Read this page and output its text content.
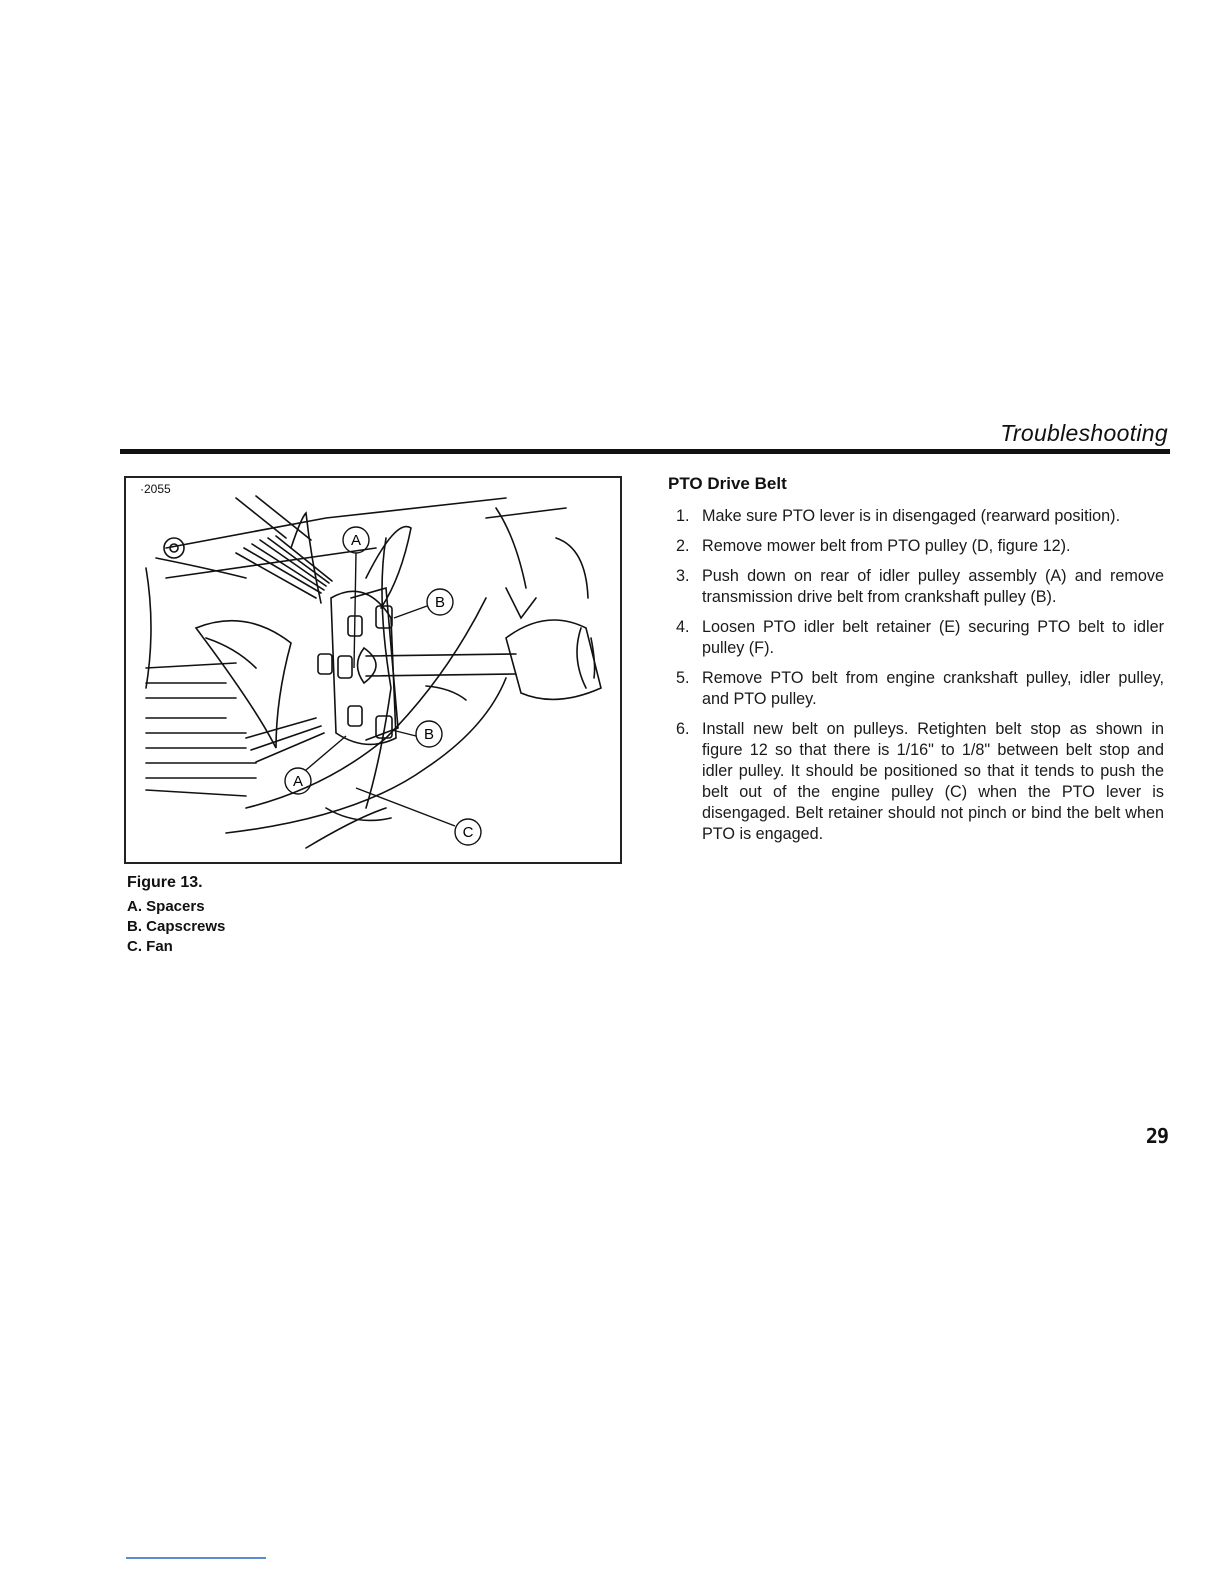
Troubleshooting
·2055
A
B
B
A
C

Figure 13.

A. Spacers

B. Capscrews

C. Fan

PTO Drive Belt
1. Make sure PTO lever is in disengaged (rearward position).
2. Remove mower belt from PTO pulley (D, figure 12).
3. Push down on rear of idler pulley assembly (A) and remove transmission drive belt from crankshaft pulley (B).
4. Loosen PTO idler belt retainer (E) securing PTO belt to idler pulley (F).
5. Remove PTO belt from engine crankshaft pulley, idler pulley, and PTO pulley.
6. Install new belt on pulleys. Retighten belt stop as shown in figure 12 so that there is 1/16" to 1/8" between belt stop and idler pulley. It should be positioned so that it tends to push the belt out of the engine pulley (C) when the PTO lever is disengaged. Belt retainer should not pinch or bind the belt when PTO is engaged.
29
